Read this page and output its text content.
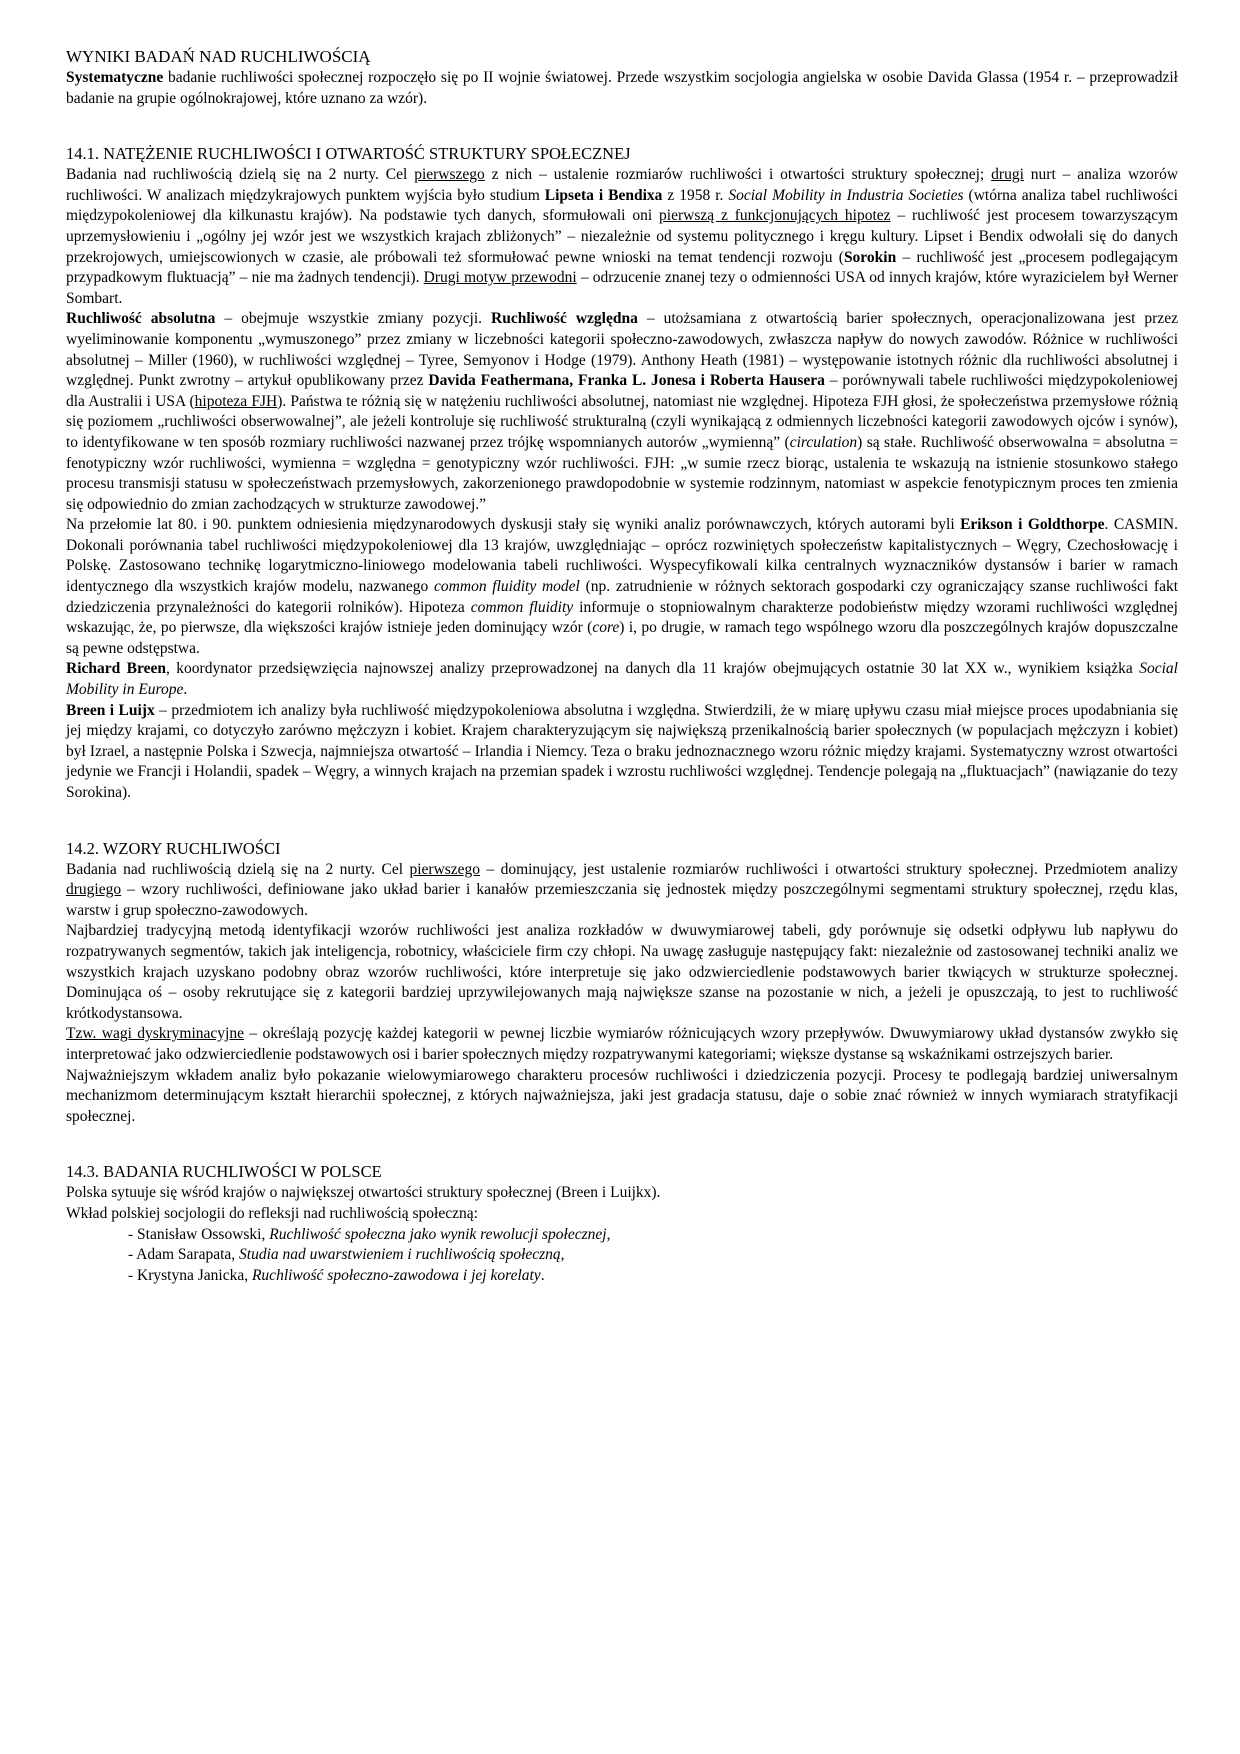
WYNIKI BADAŃ NAD RUCHLIWOŚCIĄ

Systematyczne badanie ruchliwości społecznej rozpoczęło się po II wojnie światowej. Przede wszystkim socjologia angielska w osobie Davida Glassa (1954 r. – przeprowadził badanie na grupie ogólnokrajowej, które uznano za wzór).

14.1. NATĘŻENIE RUCHLIWOŚCI I OTWARTOŚĆ STRUKTURY SPOŁECZNEJ

Badania nad ruchliwością dzielą się na 2 nurty. Cel pierwszego z nich – ustalenie rozmiarów ruchliwości i otwartości struktury społecznej; drugi nurt – analiza wzorów ruchliwości. W analizach międzykrajowych punktem wyjścia było studium Lipseta i Bendixa z 1958 r. Social Mobility in Industria Societies (wtórna analiza tabel ruchliwości międzypokoleniowej dla kilkunastu krajów). Na podstawie tych danych, sformułowali oni pierwszą z funkcjonujących hipotez – ruchliwość jest procesem towarzyszącym uprzemysłowieniu i „ogólny jej wzór jest we wszystkich krajach zbliżonych” – niezależnie od systemu politycznego i kręgu kultury. Lipset i Bendix odwołali się do danych przekrojowych, umiejscowionych w czasie, ale próbowali też sformułować pewne wnioski na temat tendencji rozwoju (Sorokin – ruchliwość jest „procesem podlegającym przypadkowym fluktuacją” – nie ma żadnych tendencji). Drugi motyw przewodni – odrzucenie znanej tezy o odmienności USA od innych krajów, które wyrazicielem był Werner Sombart.

Ruchliwość absolutna – obejmuje wszystkie zmiany pozycji. Ruchliwość względna – utożsamiana z otwartością barier społecznych, operacjonalizowana jest przez wyeliminowanie komponentu „wymuszonego” przez zmiany w liczebności kategorii społeczno-zawodowych, zwłaszcza napływ do nowych zawodów. Różnice w ruchliwości absolutnej – Miller (1960), w ruchliwości względnej – Tyree, Semyonov i Hodge (1979). Anthony Heath (1981) – występowanie istotnych różnic dla ruchliwości absolutnej i względnej. Punkt zwrotny – artykuł opublikowany przez Davida Feathermana, Franka L. Jonesa i Roberta Hausera – porównywali tabele ruchliwości międzypokoleniowej dla Australii i USA (hipoteza FJH). Państwa te różnią się w natężeniu ruchliwości absolutnej, natomiast nie względnej. Hipoteza FJH głosi, że społeczeństwa przemysłowe różnią się poziomem „ruchliwości obserwowalnej”, ale jeżeli kontroluje się ruchliwość strukturalną (czyli wynikającą z odmiennych liczebności kategorii zawodowych ojców i synów), to identyfikowane w ten sposób rozmiary ruchliwości nazwanej przez trójkę wspomnianych autorów „wymienną” (circulation) są stałe. Ruchliwość obserwowalna = absolutna = fenotypiczny wzór ruchliwości, wymienna = względna = genotypiczny wzór ruchliwości. FJH: „w sumie rzecz biorąc, ustalenia te wskazują na istnienie stosunkowo stałego procesu transmisji statusu w społeczeństwach przemysłowych, zakorzenionego prawdopodobnie w systemie rodzinnym, natomiast w aspekcie fenotypicznym proces ten zmienia się odpowiednio do zmian zachodzących w strukturze zawodowej.”

Na przełomie lat 80. i 90. punktem odniesienia międzynarodowych dyskusji stały się wyniki analiz porównawczych, których autorami byli Erikson i Goldthorpe. CASMIN. Dokonali porównania tabel ruchliwości międzypokoleniowej dla 13 krajów, uwzględniając – oprócz rozwiniętych społeczeństw kapitalistycznych – Węgry, Czechosłowację i Polskę. Zastosowano technikę logarytmiczno-liniowego modelowania tabeli ruchliwości. Wyspecyfikowali kilka centralnych wyznaczników dystansów i barier w ramach identycznego dla wszystkich krajów modelu, nazwanego common fluidity model (np. zatrudnienie w różnych sektorach gospodarki czy ograniczający szanse ruchliwości fakt dziedziczenia przynależności do kategorii rolników). Hipoteza common fluidity informuje o stopniowalnym charakterze podobieństw między wzorami ruchliwości względnej wskazując, że, po pierwsze, dla większości krajów istnieje jeden dominujący wzór (core) i, po drugie, w ramach tego wspólnego wzoru dla poszczególnych krajów dopuszczalne są pewne odstępstwa.

Richard Breen, koordynator przedsięwzięcia najnowszej analizy przeprowadzonej na danych dla 11 krajów obejmujących ostatnie 30 lat XX w., wynikiem książka Social Mobility in Europe.

Breen i Luijx – przedmiotem ich analizy była ruchliwość międzypokoleniowa absolutna i względna. Stwierdzili, że w miarę upływu czasu miał miejsce proces upodabniania się jej między krajami, co dotyczyło zarówno mężczyzn i kobiet. Krajem charakteryzującym się największą przenikalnością barier społecznych (w populacjach mężczyzn i kobiet) był Izrael, a następnie Polska i Szwecja, najmniejsza otwartość – Irlandia i Niemcy. Teza o braku jednoznacznego wzoru różnic między krajami. Systematyczny wzrost otwartości jedynie we Francji i Holandii, spadek – Węgry, a winnych krajach na przemian spadek i wzrostu ruchliwości względnej. Tendencje polegają na „fluktuacjach” (nawiązanie do tezy Sorokina).

14.2. WZORY RUCHLIWOŚCI

Badania nad ruchliwością dzielą się na 2 nurty. Cel pierwszego – dominujący, jest ustalenie rozmiarów ruchliwości i otwartości struktury społecznej. Przedmiotem analizy drugiego – wzory ruchliwości, definiowane jako układ barier i kanałów przemieszczania się jednostek między poszczególnymi segmentami struktury społecznej, rzędu klas, warstw i grup społeczno-zawodowych.

Najbardziej tradycyjną metodą identyfikacji wzorów ruchliwości jest analiza rozkładów w dwuwymiarowej tabeli, gdy porównuje się odsetki odpływu lub napływu do rozpatrywanych segmentów, takich jak inteligencja, robotnicy, właściciele firm czy chłopi. Na uwagę zasługuje następujący fakt: niezależnie od zastosowanej techniki analiz we wszystkich krajach uzyskano podobny obraz wzorów ruchliwości, które interpretuje się jako odzwierciedlenie podstawowych barier tkwiących w strukturze społecznej. Dominująca oś – osoby rekrutujące się z kategorii bardziej uprzywilejowanych mają największe szanse na pozostanie w nich, a jeżeli je opuszczają, to jest to ruchliwość krótkodystansowa.

Tzw. wagi dyskryminacyjne – określają pozycję każdej kategorii w pewnej liczbie wymiarów różnicujących wzory przepływów. Dwuwymiarowy układ dystansów zwykło się interpretować jako odzwierciedlenie podstawowych osi i barier społecznych między rozpatrywanymi kategoriami; większe dystanse są wskaźnikami ostrzejszych barier.

Najważniejszym wkładem analiz było pokazanie wielowymiarowego charakteru procesów ruchliwości i dziedziczenia pozycji. Procesy te podlegają bardziej uniwersalnym mechanizmom determinującym kształt hierarchii społecznej, z których najważniejsza, jaki jest gradacja statusu, daje o sobie znać również w innych wymiarach stratyfikacji społecznej.

14.3. BADANIA RUCHLIWOŚCI W POLSCE

Polska sytuuje się wśród krajów o największej otwartości struktury społecznej (Breen i Luijkx).

Wkład polskiej socjologii do refleksji nad ruchliwością społeczną:

- Stanisław Ossowski, Ruchliwość społeczna jako wynik rewolucji społecznej,

- Adam Sarapata, Studia nad uwarstwieniem i ruchliwością społeczną,

- Krystyna Janicka, Ruchliwość społeczno-zawodowa i jej korelaty.
